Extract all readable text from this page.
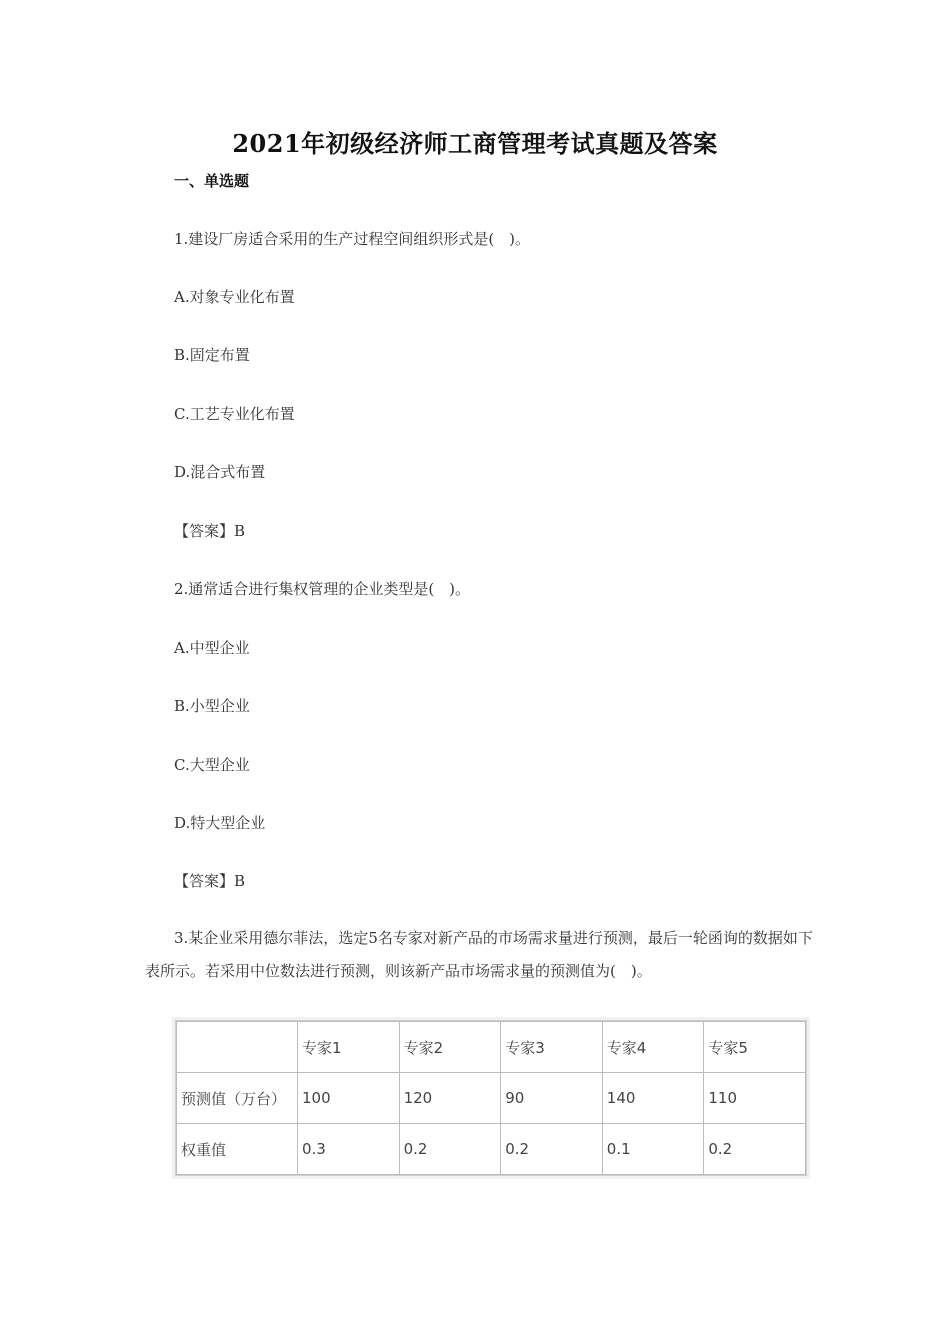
2021年初级经济师工商管理考试真题及答案
一、单选题
1.建设厂房适合采用的生产过程空间组织形式是(　)。
A.对象专业化布置
B.固定布置
C.工艺专业化布置
D.混合式布置
【答案】B
2.通常适合进行集权管理的企业类型是(　)。
A.中型企业
B.小型企业
C.大型企业
D.特大型企业
【答案】B
3.某企业采用德尔菲法，选定5名专家对新产品的市场需求量进行预测，最后一轮函询的数据如下表所示。若采用中位数法进行预测，则该新产品市场需求量的预测值为(　)。
	专家1	专家2	专家3	专家4	专家5
预测值（万台）	100	120	90	140	110
权重值	0.3	0.2	0.2	0.1	0.2
